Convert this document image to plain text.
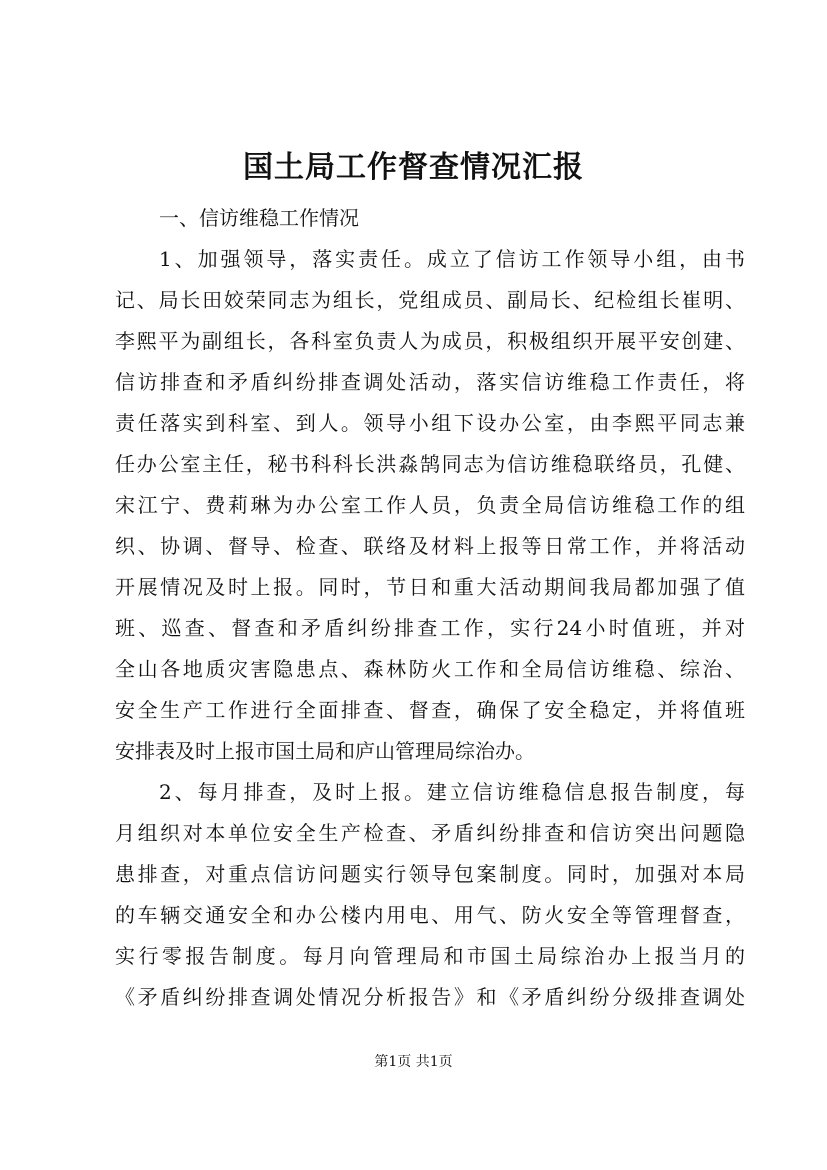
国土局工作督查情况汇报
一、信访维稳工作情况
1、加强领导，落实责任。成立了信访工作领导小组，由书
记、局长田姣荣同志为组长，党组成员、副局长、纪检组长崔明、
李熙平为副组长，各科室负责人为成员，积极组织开展平安创建、
信访排查和矛盾纠纷排查调处活动，落实信访维稳工作责任，将
责任落实到科室、到人。领导小组下设办公室，由李熙平同志兼
任办公室主任，秘书科科长洪淼鹄同志为信访维稳联络员，孔健、
宋江宁、费莉琳为办公室工作人员，负责全局信访维稳工作的组
织、协调、督导、检查、联络及材料上报等日常工作，并将活动
开展情况及时上报。同时，节日和重大活动期间我局都加强了值
班、巡查、督查和矛盾纠纷排查工作，实行24小时值班，并对
全山各地质灾害隐患点、森林防火工作和全局信访维稳、综治、
安全生产工作进行全面排查、督查，确保了安全稳定，并将值班
安排表及时上报市国土局和庐山管理局综治办。
2、每月排查，及时上报。建立信访维稳信息报告制度，每
月组织对本单位安全生产检查、矛盾纠纷排查和信访突出问题隐
患排查，对重点信访问题实行领导包案制度。同时，加强对本局
的车辆交通安全和办公楼内用电、用气、防火安全等管理督查，
实行零报告制度。每月向管理局和市国土局综治办上报当月的
《矛盾纠纷排查调处情况分析报告》和《矛盾纠纷分级排查调处
第1页 共1页
